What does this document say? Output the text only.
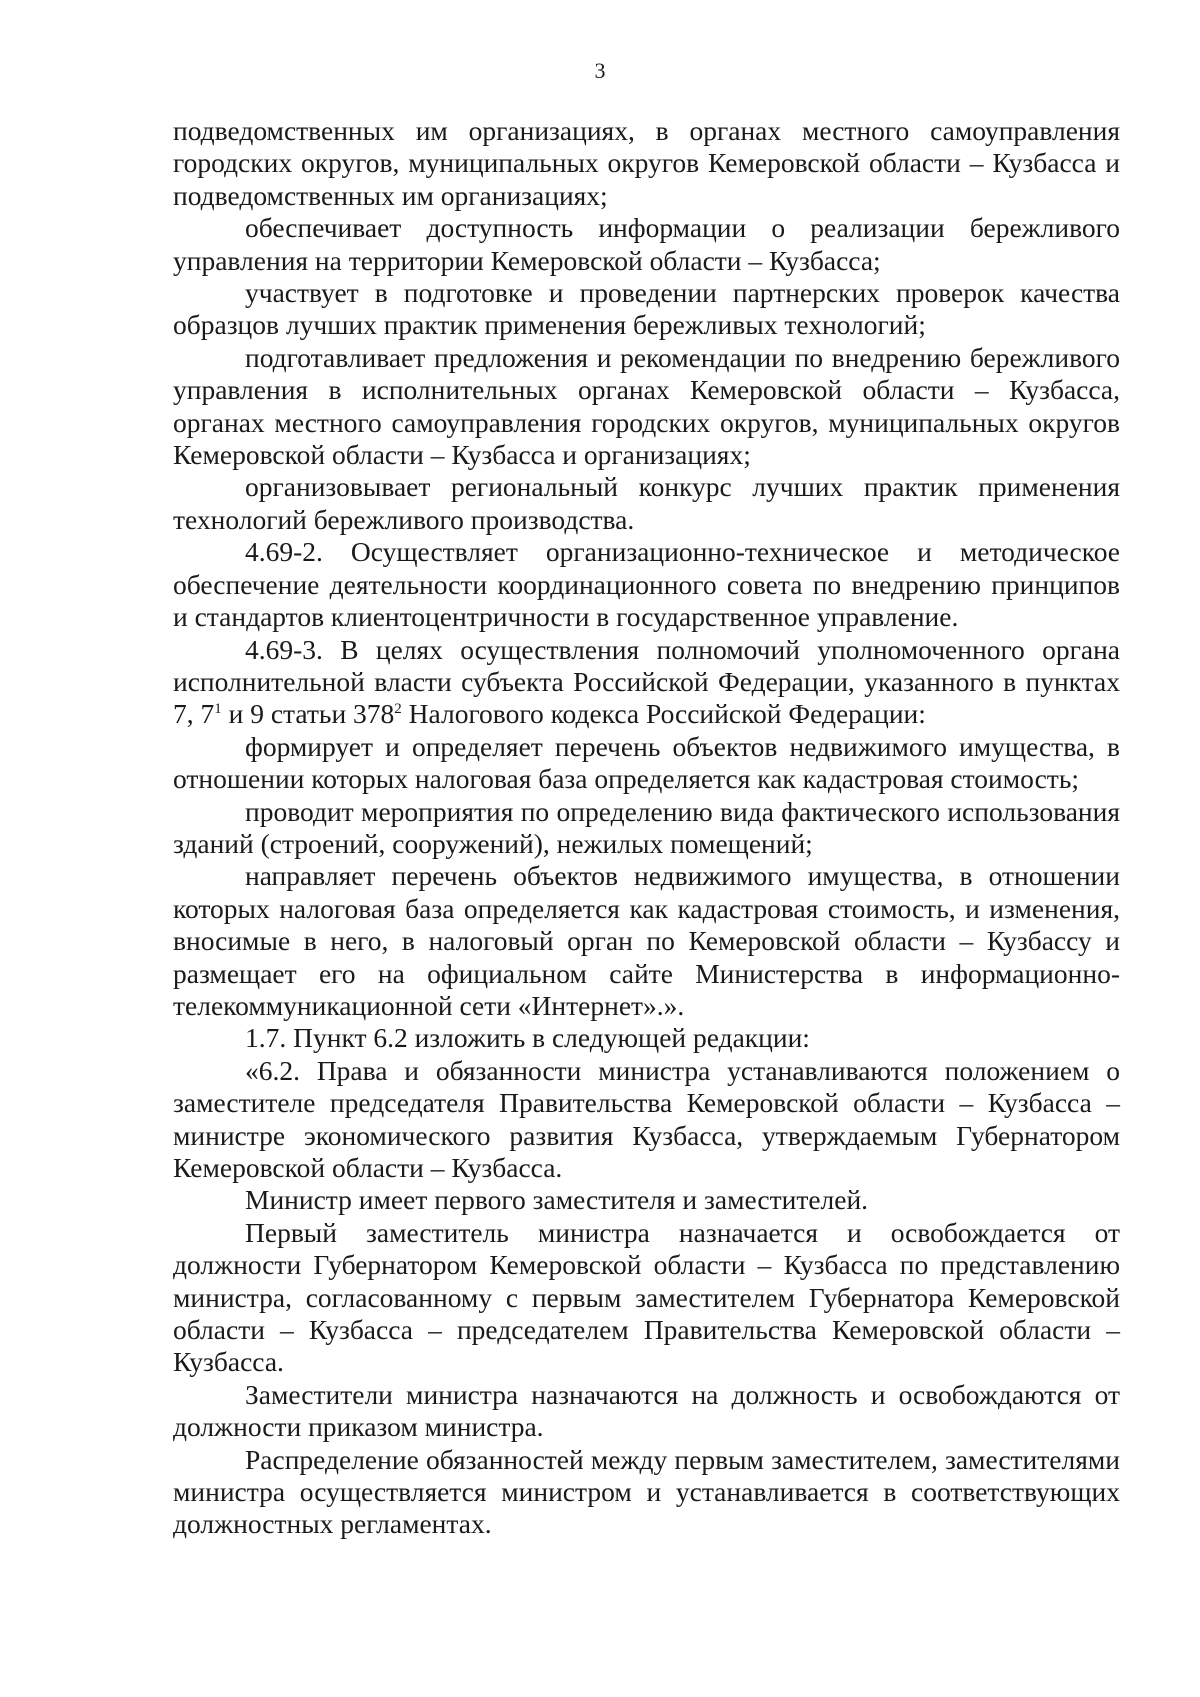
3

подведомственных им организациях, в органах местного самоуправления городских округов, муниципальных округов Кемеровской области – Кузбасса и подведомственных им организациях;

обеспечивает доступность информации о реализации бережливого управления на территории Кемеровской области – Кузбасса;

участвует в подготовке и проведении партнерских проверок качества образцов лучших практик применения бережливых технологий;

подготавливает предложения и рекомендации по внедрению бережливого управления в исполнительных органах Кемеровской области – Кузбасса, органах местного самоуправления городских округов, муниципальных округов Кемеровской области – Кузбасса и организациях;

организовывает региональный конкурс лучших практик применения технологий бережливого производства.

4.69-2. Осуществляет организационно-техническое и методическое обеспечение деятельности координационного совета по внедрению принципов и стандартов клиентоцентричности в государственное управление.

4.69-3. В целях осуществления полномочий уполномоченного органа исполнительной власти субъекта Российской Федерации, указанного в пунктах 7, $7^1$ и 9 статьи $378^2$ Налогового кодекса Российской Федерации:

формирует и определяет перечень объектов недвижимого имущества, в отношении которых налоговая база определяется как кадастровая стоимость;

проводит мероприятия по определению вида фактического использования зданий (строений, сооружений), нежилых помещений;

направляет перечень объектов недвижимого имущества, в отношении которых налоговая база определяется как кадастровая стоимость, и изменения, вносимые в него, в налоговый орган по Кемеровской области – Кузбассу и размещает его на официальном сайте Министерства в информационно-телекоммуникационной сети «Интернет».».

1.7. Пункт 6.2 изложить в следующей редакции:

«6.2. Права и обязанности министра устанавливаются положением о заместителе председателя Правительства Кемеровской области – Кузбасса – министре экономического развития Кузбасса, утверждаемым Губернатором Кемеровской области – Кузбасса.

Министр имеет первого заместителя и заместителей.

Первый заместитель министра назначается и освобождается от должности Губернатором Кемеровской области – Кузбасса по представлению министра, согласованному с первым заместителем Губернатора Кемеровской области – Кузбасса – председателем Правительства Кемеровской области – Кузбасса.

Заместители министра назначаются на должность и освобождаются от должности приказом министра.

Распределение обязанностей между первым заместителем, заместителями министра осуществляется министром и устанавливается в соответствующих должностных регламентах.
